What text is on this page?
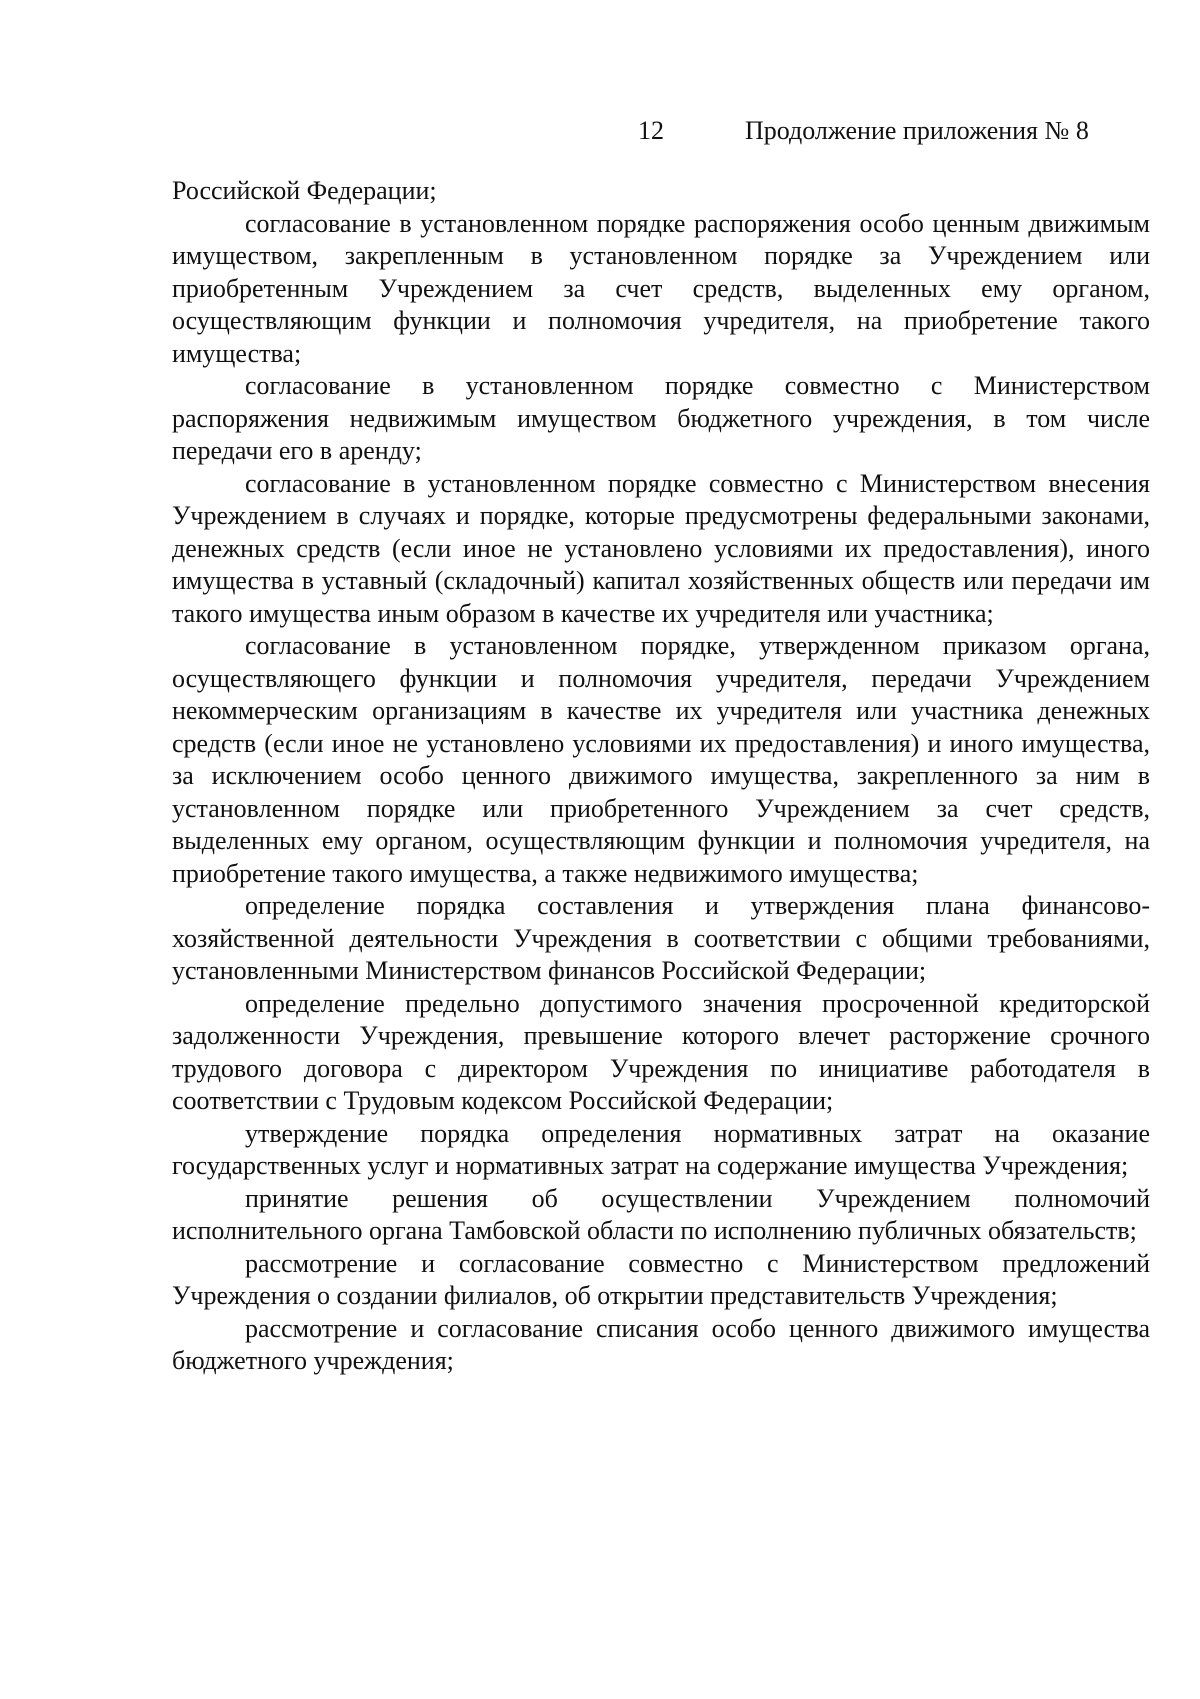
12	Продолжение приложения № 8

Российской Федерации;

согласование в установленном порядке распоряжения особо ценным движимым имуществом, закрепленным в установленном порядке за Учреждением или приобретенным Учреждением за счет средств, выделенных ему органом, осуществляющим функции и полномочия учредителя, на приобретение такого имущества;

согласование в установленном порядке совместно с Министерством распоряжения недвижимым имуществом бюджетного учреждения, в том числе передачи его в аренду;

согласование в установленном порядке совместно с Министерством внесения Учреждением в случаях и порядке, которые предусмотрены федеральными законами, денежных средств (если иное не установлено условиями их предоставления), иного имущества в уставный (складочный) капитал хозяйственных обществ или передачи им такого имущества иным образом в качестве их учредителя или участника;

согласование в установленном порядке, утвержденном приказом органа, осуществляющего функции и полномочия учредителя, передачи Учреждением некоммерческим организациям в качестве их учредителя или участника денежных средств (если иное не установлено условиями их предоставления) и иного имущества, за исключением особо ценного движимого имущества, закрепленного за ним в установленном порядке или приобретенного Учреждением за счет средств, выделенных ему органом, осуществляющим функции и полномочия учредителя, на приобретение такого имущества, а также недвижимого имущества;

определение порядка составления и утверждения плана финансово-хозяйственной деятельности Учреждения в соответствии с общими требованиями, установленными Министерством финансов Российской Федерации;

определение предельно допустимого значения просроченной кредиторской задолженности Учреждения, превышение которого влечет расторжение срочного трудового договора с директором Учреждения по инициативе работодателя в соответствии с Трудовым кодексом Российской Федерации;

утверждение порядка определения нормативных затрат на оказание государственных услуг и нормативных затрат на содержание имущества Учреждения;

принятие решения об осуществлении Учреждением полномочий исполнительного органа Тамбовской области по исполнению публичных обязательств;

рассмотрение и согласование совместно с Министерством предложений Учреждения о создании филиалов, об открытии представительств Учреждения;

рассмотрение и согласование списания особо ценного движимого имущества бюджетного учреждения;
